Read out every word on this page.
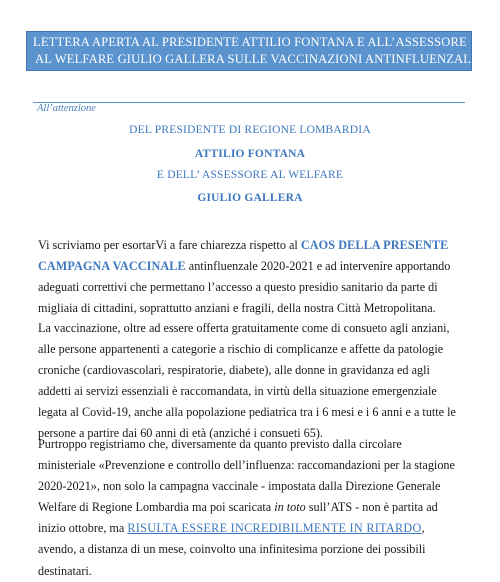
LETTERA APERTA AL PRESIDENTE ATTILIO FONTANA E ALL’ASSESSORE
AL WELFARE GIULIO GALLERA SULLE VACCINAZIONI ANTINFLUENZALI
All’attenzione
DEL PRESIDENTE DI REGIONE LOMBARDIA
ATTILIO FONTANA
E DELL’ ASSESSORE AL WELFARE
GIULIO GALLERA
Vi scriviamo per esortarVi a fare chiarezza rispetto al CAOS DELLA PRESENTE CAMPAGNA VACCINALE antinfluenzale 2020-2021 e ad intervenire apportando adeguati correttivi che permettano l’accesso a questo presidio sanitario da parte di migliaia di cittadini, soprattutto anziani e fragili, della nostra Città Metropolitana.
La vaccinazione, oltre ad essere offerta gratuitamente come di consueto agli anziani, alle persone appartenenti a categorie a rischio di complicanze e affette da patologie croniche (cardiovascolari, respiratorie, diabete), alle donne in gravidanza ed agli addetti ai servizi essenziali è raccomandata, in virtù della situazione emergenziale legata al Covid-19, anche alla popolazione pediatrica tra i 6 mesi e i 6 anni e a tutte le persone a partire dai 60 anni di età (anziché i consueti 65).
Purtroppo registriamo che, diversamente da quanto previsto dalla circolare ministeriale «Prevenzione e controllo dell’influenza: raccomandazioni per la stagione 2020-2021», non solo la campagna vaccinale - impostata dalla Direzione Generale Welfare di Regione Lombardia ma poi scaricata in toto sull’ATS - non è partita ad inizio ottobre, ma RISULTA ESSERE INCREDIBILMENTE IN RITARDO, avendo, a distanza di un mese, coinvolto una infinitesima porzione dei possibili destinatari.
